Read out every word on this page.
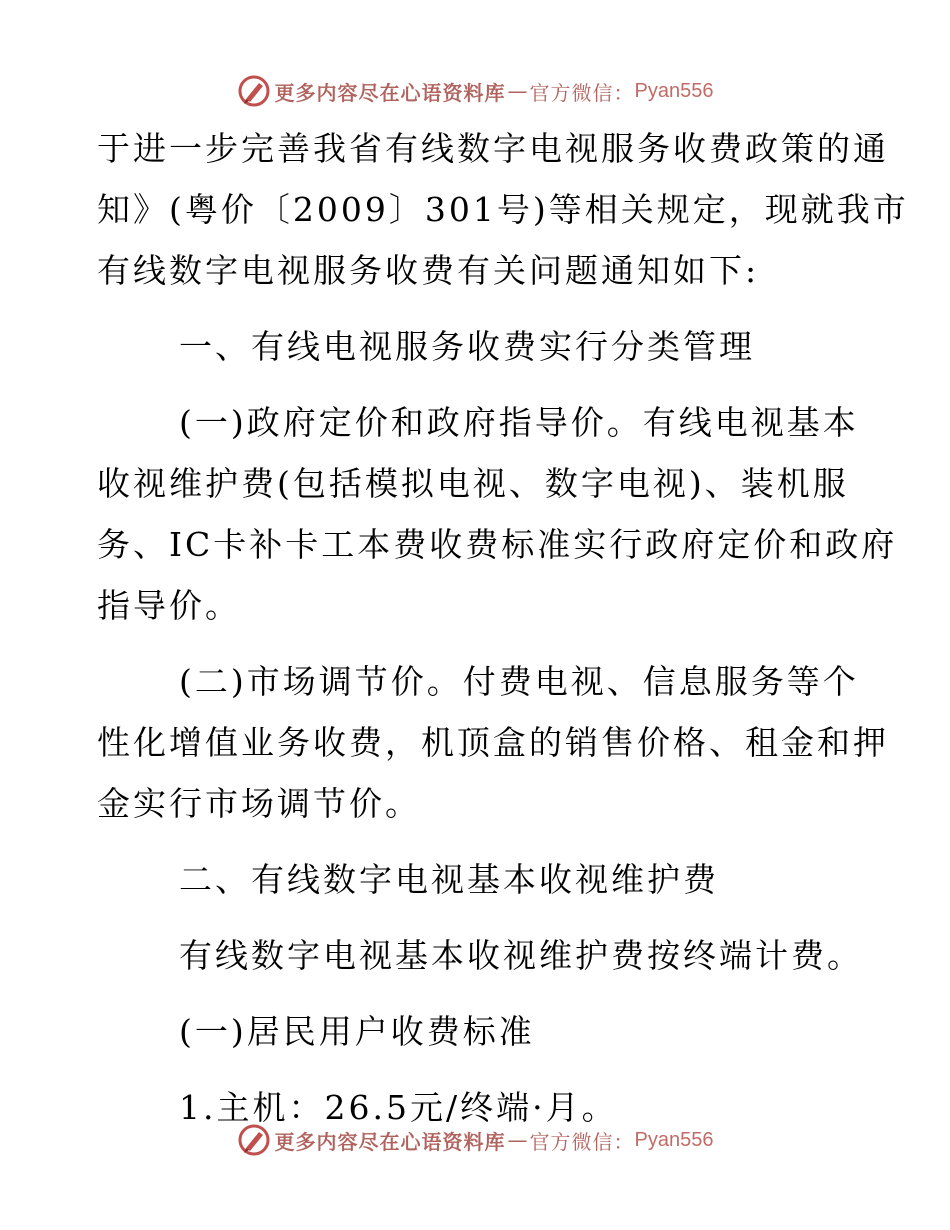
更多内容尽在心语资料库 — 官方微信： Pyan556
于进一步完善我省有线数字电视服务收费政策的通
知》(粤价〔2009〕301号)等相关规定，现就我市
有线数字电视服务收费有关问题通知如下:
一、有线电视服务收费实行分类管理
(一)政府定价和政府指导价。有线电视基本
收视维护费(包括模拟电视、数字电视)、装机服
务、IC卡补卡工本费收费标准实行政府定价和政府
指导价。
(二)市场调节价。付费电视、信息服务等个
性化增值业务收费，机顶盒的销售价格、租金和押
金实行市场调节价。
二、有线数字电视基本收视维护费
有线数字电视基本收视维护费按终端计费。
(一)居民用户收费标准
1.主机：26.5元/终端·月。
更多内容尽在心语资料库 — 官方微信： Pyan556
